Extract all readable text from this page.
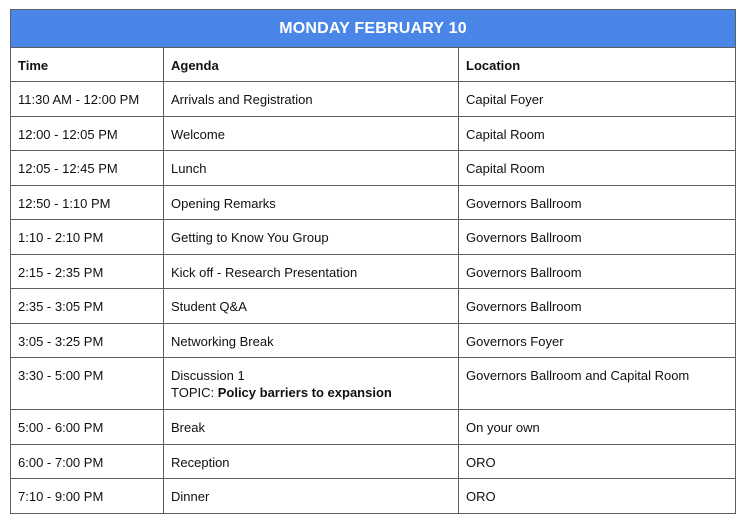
MONDAY FEBRUARY 10		
Time	Agenda	Location
11:30 AM - 12:00 PM	Arrivals and Registration	Capital Foyer
12:00 - 12:05 PM	Welcome	Capital Room
12:05 - 12:45 PM	Lunch	Capital Room
12:50 - 1:10 PM	Opening Remarks	Governors Ballroom
1:10 - 2:10 PM	Getting to Know You Group	Governors Ballroom
2:15 - 2:35 PM	Kick off - Research Presentation	Governors Ballroom
2:35 - 3:05 PM	Student Q&A	Governors Ballroom
3:05 - 3:25 PM	Networking Break	Governors Foyer
3:30 - 5:00 PM	Discussion 1
TOPIC: Policy barriers to expansion	Governors Ballroom and Capital Room
5:00 - 6:00 PM	Break	On your own
6:00 - 7:00 PM	Reception	ORO
7:10 - 9:00 PM	Dinner	ORO
